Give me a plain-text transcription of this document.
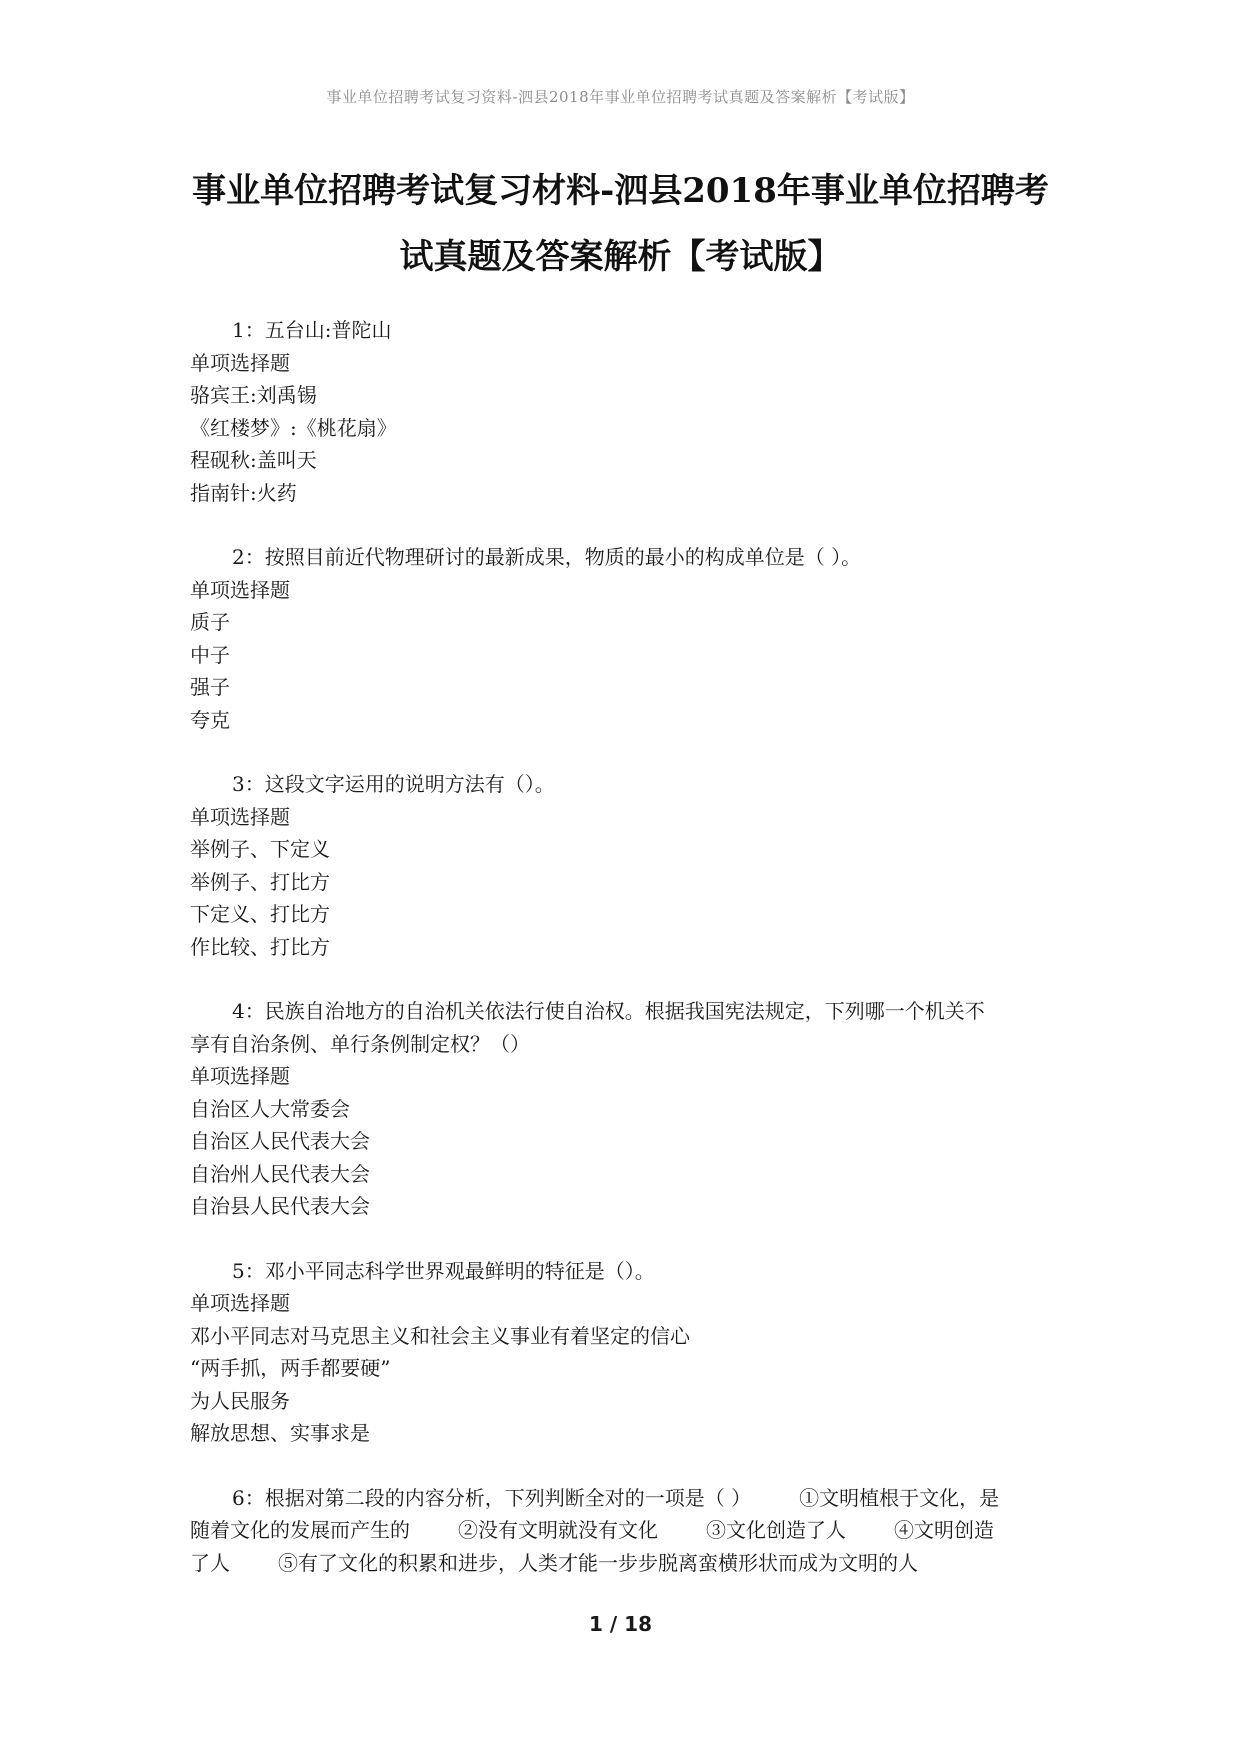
事业单位招聘考试复习资料-泗县2018年事业单位招聘考试真题及答案解析【考试版】
事业单位招聘考试复习材料-泗县2018年事业单位招聘考
试真题及答案解析【考试版】
1：五台山:普陀山
单项选择题
骆宾王:刘禹锡
《红楼梦》:《桃花扇》
程砚秋:盖叫天
指南针:火药
2：按照目前近代物理研讨的最新成果，物质的最小的构成单位是（ ）。
单项选择题
质子
中子
强子
夸克
3：这段文字运用的说明方法有（）。
单项选择题
举例子、下定义
举例子、打比方
下定义、打比方
作比较、打比方
4：民族自治地方的自治机关依法行使自治权。根据我国宪法规定，下列哪一个机关不
享有自治条例、单行条例制定权？（）
单项选择题
自治区人大常委会
自治区人民代表大会
自治州人民代表大会
自治县人民代表大会
5：邓小平同志科学世界观最鲜明的特征是（）。
单项选择题
邓小平同志对马克思主义和社会主义事业有着坚定的信心
“两手抓，两手都要硬”
为人民服务
解放思想、实事求是
6：根据对第二段的内容分析，下列判断全对的一项是（ ） ①文明植根于文化，是
随着文化的发展而产生的 ②没有文明就没有文化 ③文化创造了人 ④文明创造
了人 ⑤有了文化的积累和进步，人类才能一步步脱离蛮横形状而成为文明的人
1 / 18
